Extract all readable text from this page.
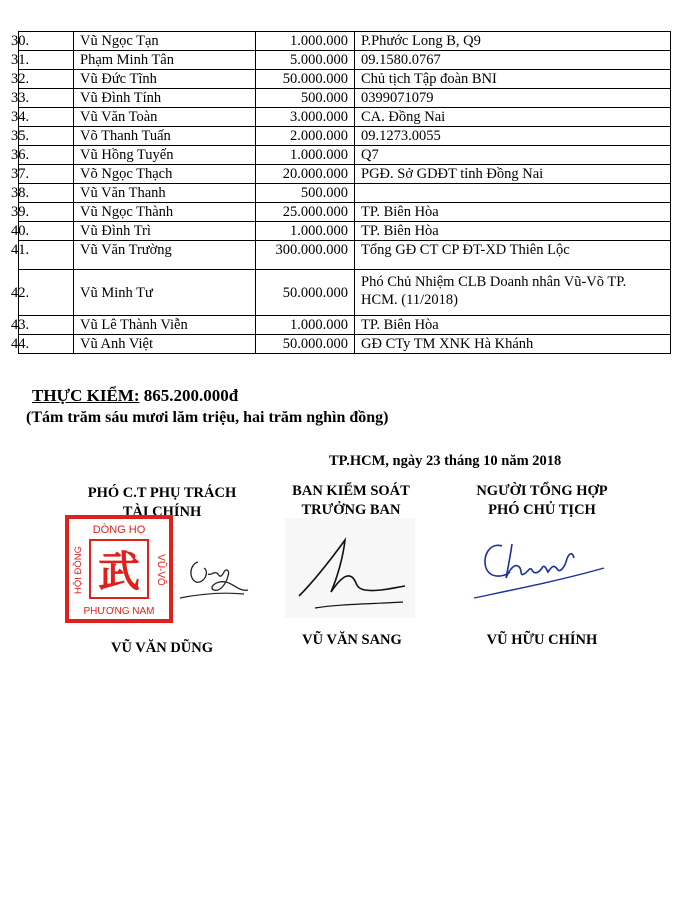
30.	Vũ Ngọc Tạn	1.000.000	P.Phước Long B, Q9
31.	Phạm Minh Tân	5.000.000	09.1580.0767
32.	Vũ Đức Tĩnh	50.000.000	Chủ tịch Tập đoàn BNI
33.	Vũ Đình Tính	500.000	0399071079
34.	Vũ Văn Toàn	3.000.000	CA. Đồng Nai
35.	Võ Thanh Tuấn	2.000.000	09.1273.0055
36.	Vũ Hồng Tuyến	1.000.000	Q7
37.	Võ Ngọc Thạch	20.000.000	PGĐ. Sở GDĐT tỉnh Đồng Nai
38.	Vũ Văn Thanh	500.000	
39.	Vũ Ngọc Thành	25.000.000	TP. Biên Hòa
40.	Vũ Đình Trì	1.000.000	TP. Biên Hòa
41.	Vũ Văn Trường	300.000.000	Tổng GĐ CT CP ĐT-XD Thiên Lộc
42.	Vũ Minh Tư	50.000.000	Phó Chủ Nhiệm CLB Doanh nhân Vũ-Võ TP. HCM. (11/2018)
43.	Vũ Lê Thành Viễn	1.000.000	TP. Biên Hòa
44.	Vũ Anh Việt	50.000.000	GĐ CTy TM XNK Hà Khánh
THỰC KIỂM: 865.200.000đ
(Tám trăm sáu mươi lăm triệu, hai trăm nghìn đồng)
TP.HCM, ngày 23 tháng 10 năm 2018
PHÓ C.T PHỤ TRÁCH
TÀI CHÍNH
DÒNG HỌ
PHƯƠNG NAM
HỘI ĐỒNG	VŨ-VÕ
武
VŨ VĂN DŨNG
BAN KIỂM SOÁT
TRƯỞNG BAN
VŨ VĂN SANG
NGƯỜI TỔNG HỢP
PHÓ CHỦ TỊCH
VŨ HỮU CHÍNH
